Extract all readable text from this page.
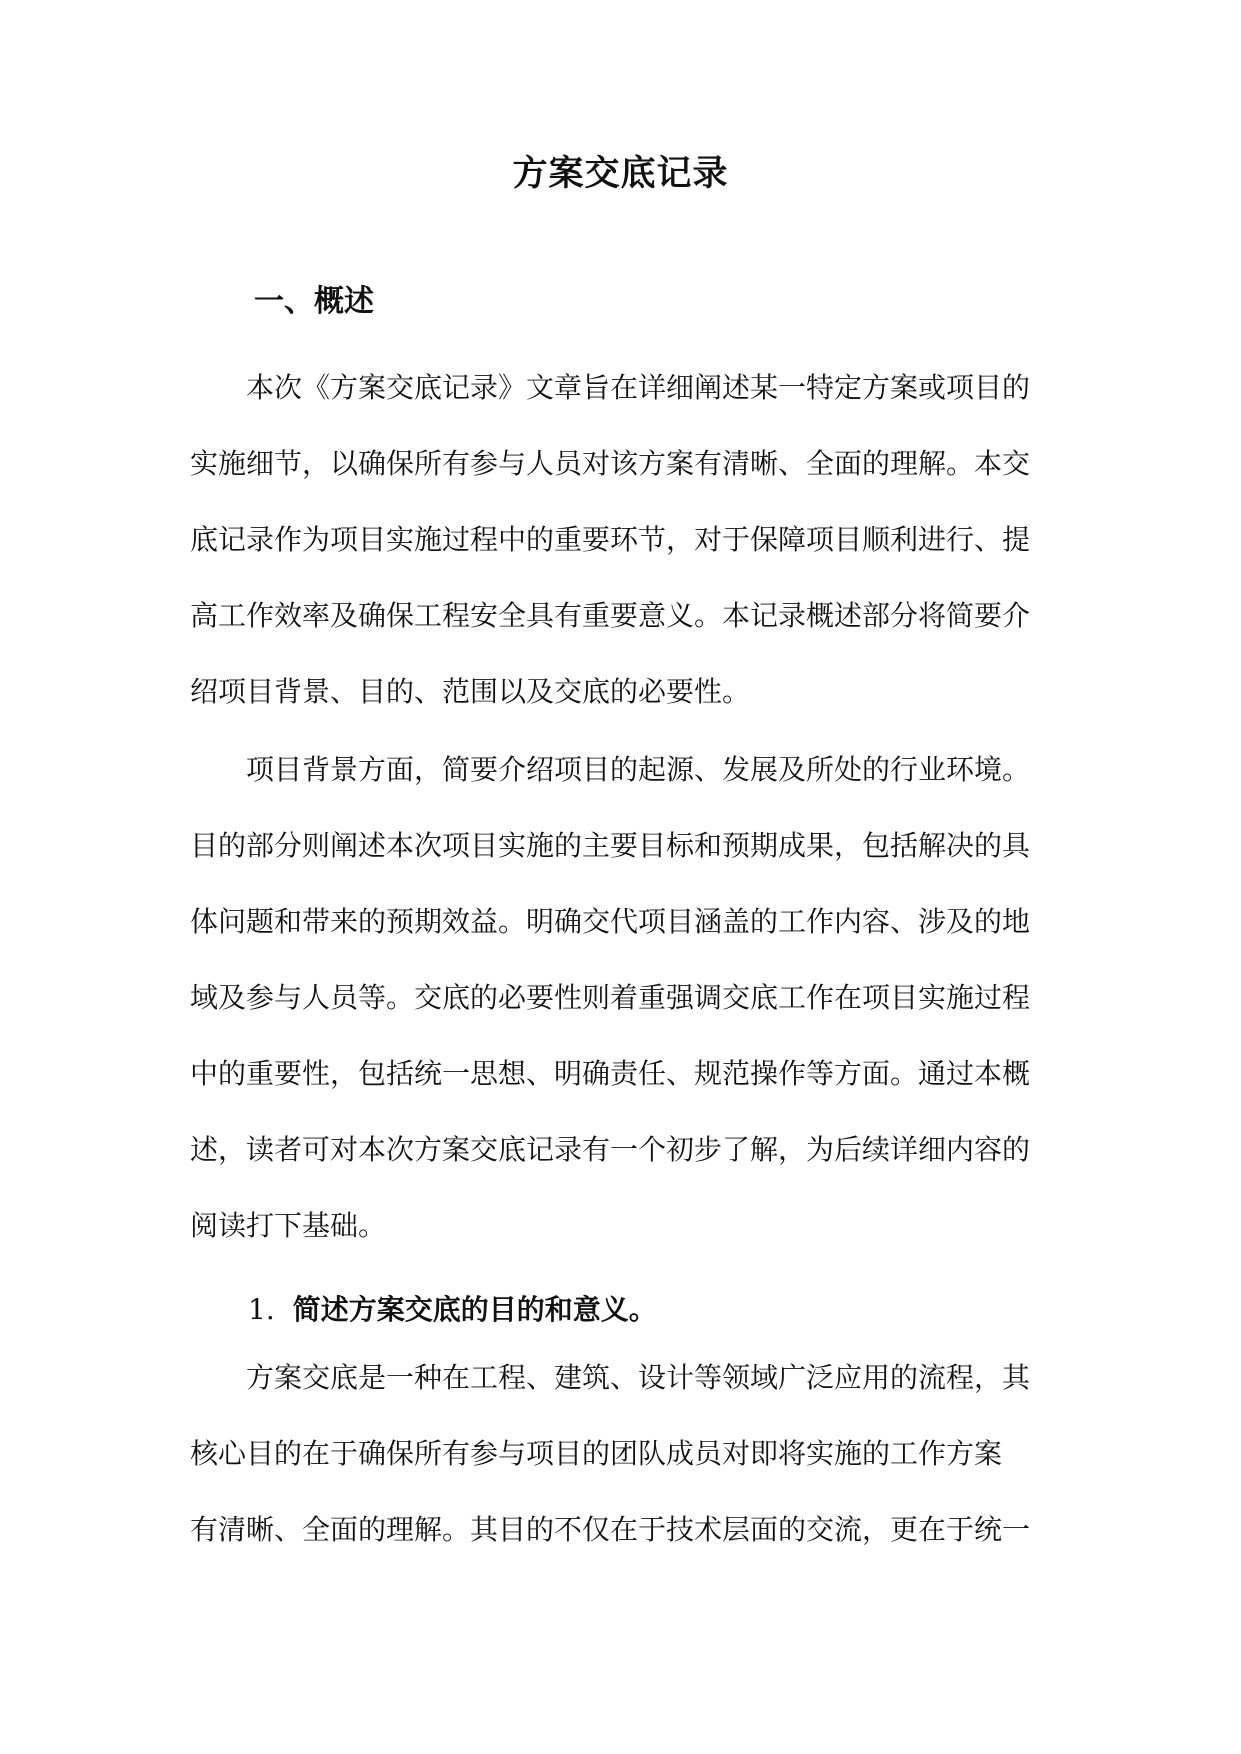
方案交底记录
一、概述

本次《方案交底记录》文章旨在详细阐述某一特定方案或项目的
实施细节，以确保所有参与人员对该方案有清晰、全面的理解。本交
底记录作为项目实施过程中的重要环节，对于保障项目顺利进行、提
高工作效率及确保工程安全具有重要意义。本记录概述部分将简要介
绍项目背景、目的、范围以及交底的必要性。

项目背景方面，简要介绍项目的起源、发展及所处的行业环境。
目的部分则阐述本次项目实施的主要目标和预期成果，包括解决的具
体问题和带来的预期效益。明确交代项目涵盖的工作内容、涉及的地
域及参与人员等。交底的必要性则着重强调交底工作在项目实施过程
中的重要性，包括统一思想、明确责任、规范操作等方面。通过本概
述，读者可对本次方案交底记录有一个初步了解，为后续详细内容的
阅读打下基础。

1. 简述方案交底的目的和意义。

方案交底是一种在工程、建筑、设计等领域广泛应用的流程，其
核心目的在于确保所有参与项目的团队成员对即将实施的工作方案
有清晰、全面的理解。其目的不仅在于技术层面的交流，更在于统一
